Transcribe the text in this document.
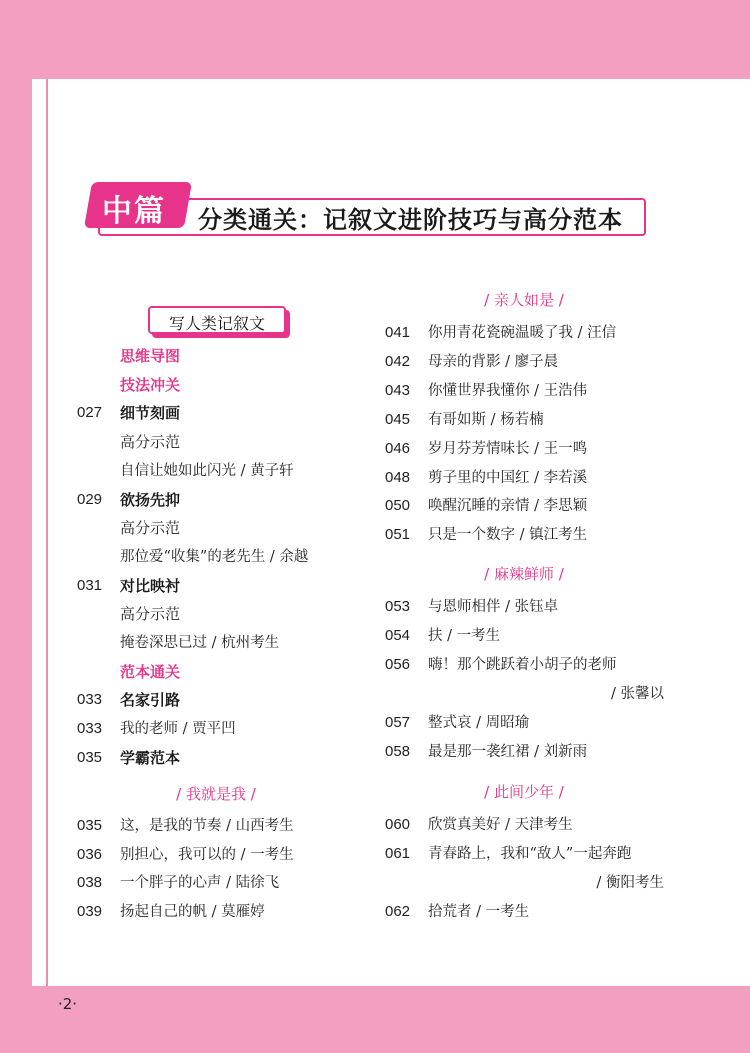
中篇 分类通关：记叙文进阶技巧与高分范本
写人类记叙文
思维导图
技法冲关
027	细节刻画
高分示范
自信让她如此闪光 / 黄子轩
029	欲扬先抑
高分示范
那位爱“收集”的老先生 / 余越
031	对比映衬
高分示范
掩卷深思已过 / 杭州考生
范本通关
033	名家引路
033	我的老师 / 贾平凹
035	学霸范本
/ 我就是我 /
035	这，是我的节奏 / 山西考生
036	别担心，我可以的 / 一考生
038	一个胖子的心声 / 陆徐飞
039	扬起自己的帆 / 莫雁婷
/ 亲人如是 /
041	你用青花瓷碗温暖了我 / 汪信
042	母亲的背影 / 廖子晨
043	你懂世界我懂你 / 王浩伟
045	有哥如斯 / 杨若楠
046	岁月芬芳情味长 / 王一鸣
048	剪子里的中国红 / 李若溪
050	唤醒沉睡的亲情 / 李思颖
051	只是一个数字 / 镇江考生
/ 麻辣鲜师 /
053	与恩师相伴 / 张钰卓
054	扶 / 一考生
056	嗨！那个跳跃着小胡子的老师
/ 张馨以
057	整式哀 / 周昭瑜
058	最是那一袭红裙 / 刘新雨
/ 此间少年 /
060	欣赏真美好 / 天津考生
061	青春路上，我和“敌人”一起奔跑
/ 衡阳考生
062	拾荒者 / 一考生
·2·
